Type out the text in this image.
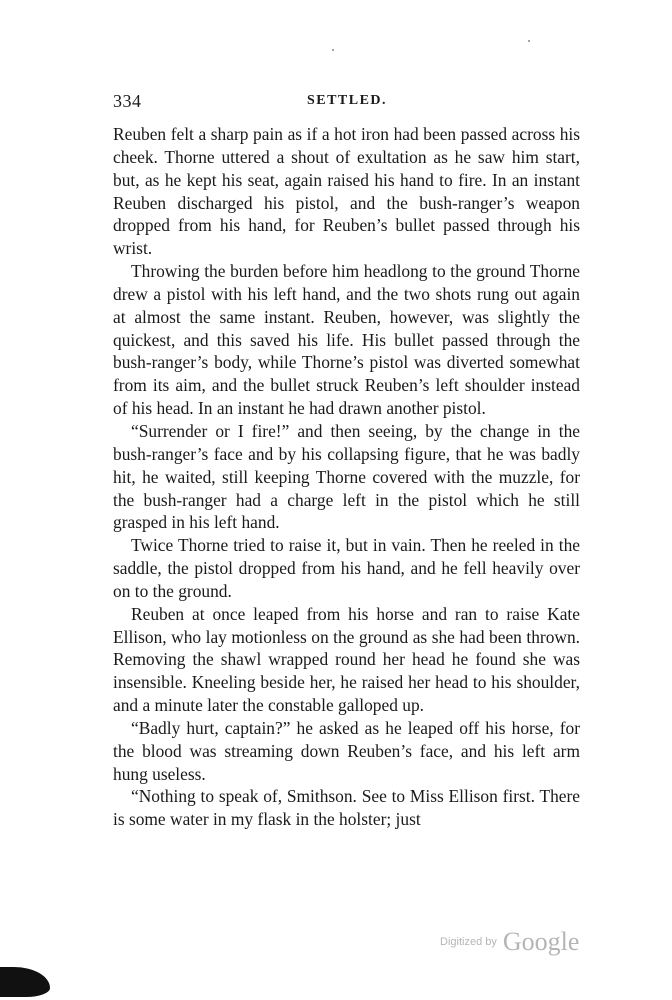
334	SETTLED.

Reuben felt a sharp pain as if a hot iron had been passed across his cheek. Thorne uttered a shout of exultation as he saw him start, but, as he kept his seat, again raised his hand to fire. In an instant Reuben discharged his pistol, and the bush-ranger’s weapon dropped from his hand, for Reuben’s bullet passed through his wrist.

Throwing the burden before him headlong to the ground Thorne drew a pistol with his left hand, and the two shots rung out again at almost the same instant. Reuben, however, was slightly the quickest, and this saved his life. His bullet passed through the bush-ranger’s body, while Thorne’s pistol was diverted somewhat from its aim, and the bullet struck Reuben’s left shoulder instead of his head. In an instant he had drawn another pistol.

“Surrender or I fire!” and then seeing, by the change in the bush-ranger’s face and by his collapsing figure, that he was badly hit, he waited, still keeping Thorne covered with the muzzle, for the bush-ranger had a charge left in the pistol which he still grasped in his left hand.

Twice Thorne tried to raise it, but in vain. Then he reeled in the saddle, the pistol dropped from his hand, and he fell heavily over on to the ground.

Reuben at once leaped from his horse and ran to raise Kate Ellison, who lay motionless on the ground as she had been thrown. Removing the shawl wrapped round her head he found she was insensible. Kneeling beside her, he raised her head to his shoulder, and a minute later the constable galloped up.

“Badly hurt, captain?” he asked as he leaped off his horse, for the blood was streaming down Reuben’s face, and his left arm hung useless.

“Nothing to speak of, Smithson. See to Miss Ellison first. There is some water in my flask in the holster; just

Digitized by Google
